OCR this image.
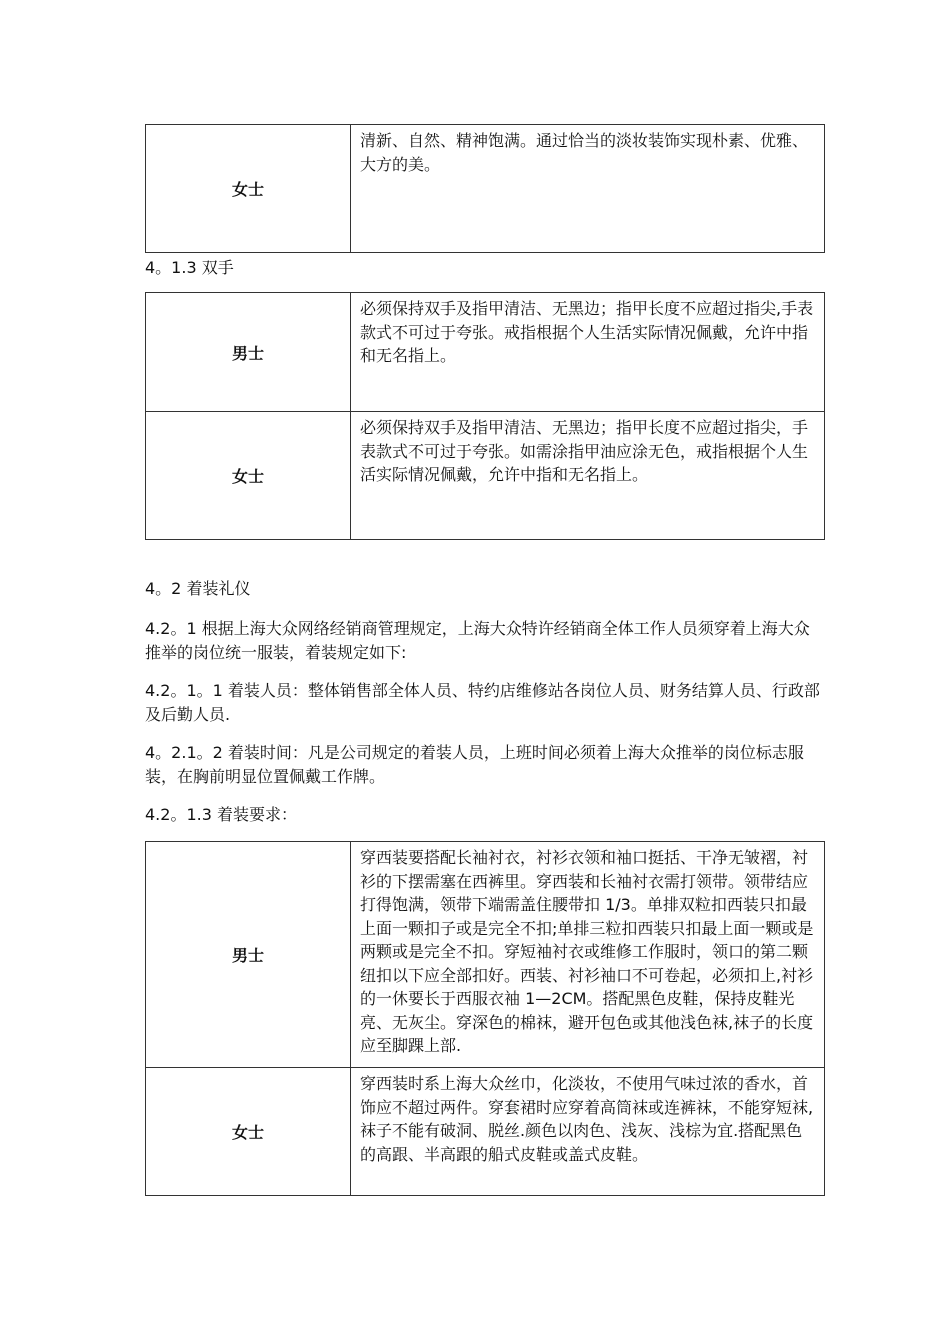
女士	清新、自然、精神饱满。通过恰当的淡妆装饰实现朴素、优雅、大方的美。
4。1.3 双手
男士	必须保持双手及指甲清洁、无黑边；指甲长度不应超过指尖,手表款式不可过于夸张。戒指根据个人生活实际情况佩戴，允许中指和无名指上。
女士	必须保持双手及指甲清洁、无黑边；指甲长度不应超过指尖，手表款式不可过于夸张。如需涂指甲油应涂无色，戒指根据个人生活实际情况佩戴，允许中指和无名指上。
4。2 着装礼仪
4.2。1 根据上海大众网络经销商管理规定，上海大众特许经销商全体工作人员须穿着上海大众推举的岗位统一服装，着装规定如下:
4.2。1。1 着装人员：整体销售部全体人员、特约店维修站各岗位人员、财务结算人员、行政部及后勤人员.
4。2.1。2 着装时间：凡是公司规定的着装人员，上班时间必须着上海大众推举的岗位标志服装，在胸前明显位置佩戴工作牌。
4.2。1.3 着装要求：
男士	穿西装要搭配长袖衬衣，衬衫衣领和袖口挺括、干净无皱褶，衬衫的下摆需塞在西裤里。穿西装和长袖衬衣需打领带。领带结应打得饱满，领带下端需盖住腰带扣 1/3。单排双粒扣西装只扣最上面一颗扣子或是完全不扣;单排三粒扣西装只扣最上面一颗或是两颗或是完全不扣。穿短袖衬衣或维修工作服时，领口的第二颗纽扣以下应全部扣好。西装、衬衫袖口不可卷起，必须扣上,衬衫的一休要长于西服衣袖 1—2CM。搭配黑色皮鞋，保持皮鞋光亮、无灰尘。穿深色的棉袜，避开包色或其他浅色袜,袜子的长度应至脚踝上部.
女士	穿西装时系上海大众丝巾，化淡妆，不使用气味过浓的香水，首饰应不超过两件。穿套裙时应穿着高筒袜或连裤袜，不能穿短袜,袜子不能有破洞、脱丝.颜色以肉色、浅灰、浅棕为宜.搭配黑色的高跟、半高跟的船式皮鞋或盖式皮鞋。
